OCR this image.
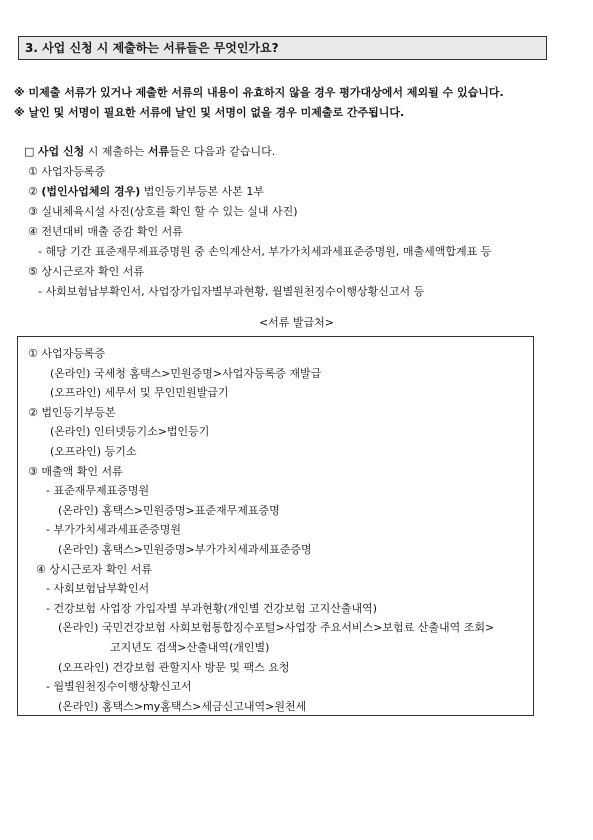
3. 사업 신청 시 제출하는 서류들은 무엇인가요?
※ 미제출 서류가 있거나 제출한 서류의 내용이 유효하지 않을 경우 평가대상에서 제외될 수 있습니다.
※ 날인 및 서명이 필요한 서류에 날인 및 서명이 없을 경우 미제출로 간주됩니다.
□ 사업 신청 시 제출하는 서류들은 다음과 같습니다.
① 사업자등록증
② (법인사업체의 경우) 법인등기부등본 사본 1부
③ 실내체육시설 사진(상호를 확인 할 수 있는 실내 사진)
④ 전년대비 매출 증감 확인 서류
- 해당 기간 표준재무제표증명원 중 손익계산서, 부가가치세과세표준증명원, 매출세액합계표 등
⑤ 상시근로자 확인 서류
- 사회보험납부확인서, 사업장가입자별부과현황, 월별원천징수이행상황신고서 등
<서류 발급처>
① 사업자등록증
(온라인) 국세청 홈택스>민원증명>사업자등록증 재발급
(오프라인) 세무서 및 무인민원발급기
② 법인등기부등본
(온라인) 인터넷등기소>법인등기
(오프라인) 등기소
③ 매출액 확인 서류
- 표준재무제표증명원
(온라인) 홈택스>민원증명>표준재무제표증명
- 부가가치세과세표준증명원
(온라인) 홈택스>민원증명>부가가치세과세표준증명
④ 상시근로자 확인 서류
- 사회보험납부확인서
- 건강보험 사업장 가입자별 부과현황(개인별 건강보험 고지산출내역)
(온라인) 국민건강보험 사회보험통합징수포털>사업장 주요서비스>보험료 산출내역 조회>
고지년도 검색>산출내역(개인별)
(오프라인) 건강보험 관할지사 방문 및 팩스 요청
- 월별원천징수이행상황신고서
(온라인) 홈택스>my홈택스>세금신고내역>원천세
